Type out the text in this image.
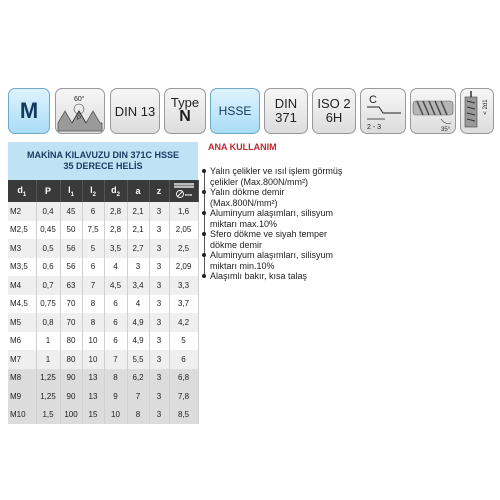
M	60°
P
DIN 13
Type
N HSSE
DIN
371
ISO 2
6H
C
2 - 3	35°
< 2d1
MAKİNA KILAVUZU DIN 371C HSSE
35 DERECE HELİS
$d_1$	P	$l_1$	$l_2$	$d_2$	a	z	mm

M2	0,4	45	6	2,8	2,1	3	1,6
M2,5	0,45	50	7,5	2,8	2,1	3	2,05
M3	0,5	56	5	3,5	2,7	3	2,5
M3,5	0,6	56	6	4	3	3	2,09
M4	0,7	63	7	4,5	3,4	3	3,3
M4,5	0,75	70	8	6	4	3	3,7
M5	0,8	70	8	6	4,9	3	4,2
M6	1	80	10	6	4,9	3	5
M7	1	80	10	7	5,5	3	6
M8	1,25	90	13	8	6,2	3	6,8
M9	1,25	90	13	9	7	3	7,8
M10	1,5	100	15	10	8	3	8,5
ANA KULLANIM
Yalın çelikler ve ısıl işlem görmüş çelikler (Max.800N/mm²)
Yalın dökme demir (Max.800N/mm²)
Aluminyum alaşımları, silisyum miktarı max.10%
Sfero dökme ve siyah temper dökme demir
Aluminyum alaşımları, silisyum miktarı min.10%
Alaşımlı bakır, kısa talaş
